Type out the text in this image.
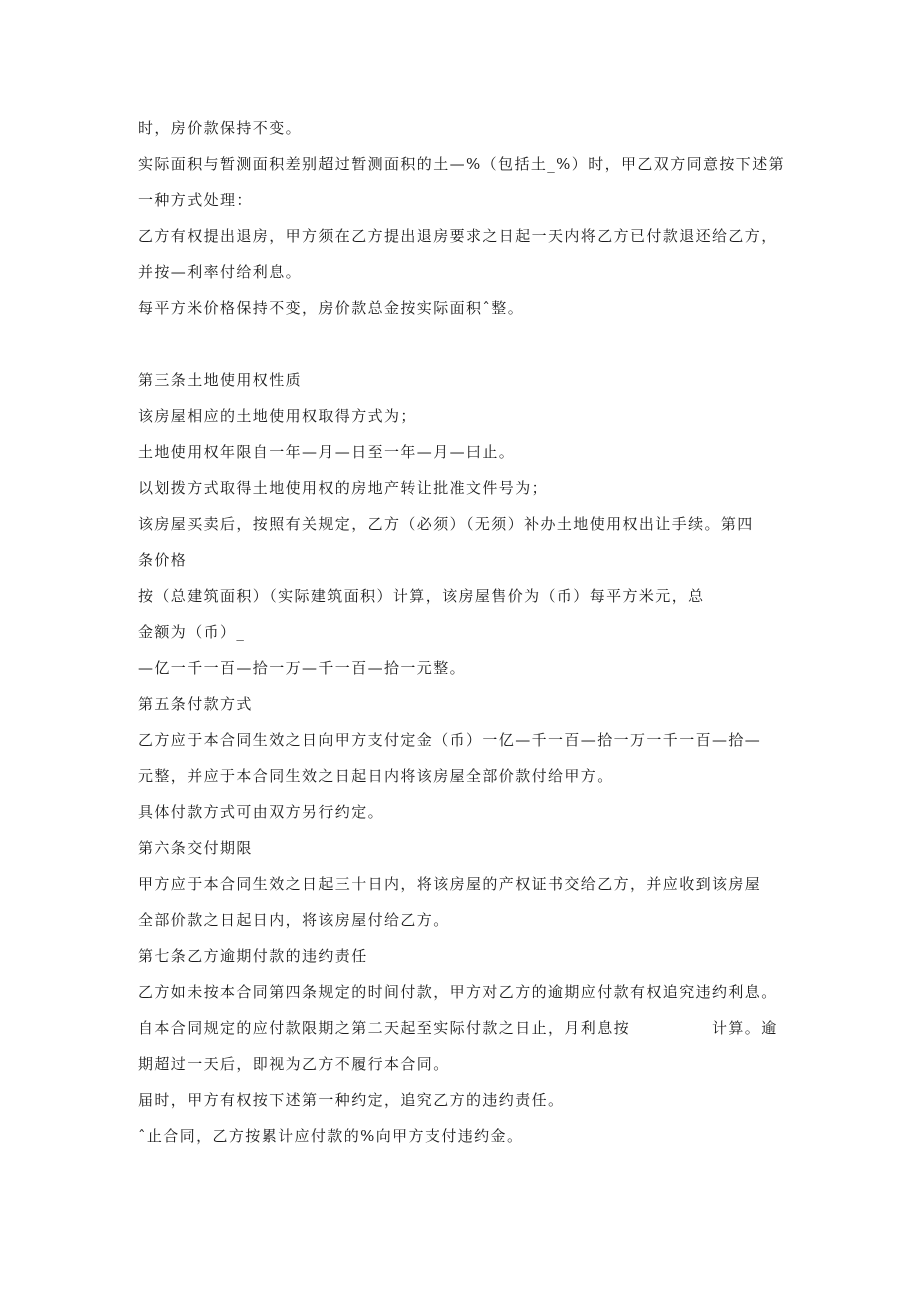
时，房价款保持不变。

实际面积与暂测面积差别超过暂测面积的土—%（包括土_%）时，甲乙双方同意按下述第

一种方式处理：

乙方有权提出退房，甲方须在乙方提出退房要求之日起一天内将乙方已付款退还给乙方，

并按—利率付给利息。

每平方米价格保持不变，房价款总金按实际面积ˆ整。

第三条土地使用权性质

该房屋相应的土地使用权取得方式为；

土地使用权年限自一年—月—日至一年—月—曰止。

以划拨方式取得土地使用权的房地产转让批准文件号为；

该房屋买卖后，按照有关规定，乙方（必须）（无须）补办土地使用权出让手续。第四

条价格

按（总建筑面积）（实际建筑面积）计算，该房屋售价为（币）每平方米元，总

金额为（币）_

—亿一千一百—拾一万—千一百—拾一元整。

第五条付款方式

乙方应于本合同生效之日向甲方支付定金（币）一亿—千一百—拾一万一千一百—拾—

元整，并应于本合同生效之日起日内将该房屋全部价款付给甲方。

具体付款方式可由双方另行约定。

第六条交付期限

甲方应于本合同生效之日起三十日内，将该房屋的产权证书交给乙方，并应收到该房屋

全部价款之日起日内，将该房屋付给乙方。

第七条乙方逾期付款的违约责任

乙方如未按本合同第四条规定的时间付款，甲方对乙方的逾期应付款有权追究违约利息。

自本合同规定的应付款限期之第二天起至实际付款之日止，月利息按　　　　　计算。逾

期超过一天后，即视为乙方不履行本合同。

届时，甲方有权按下述第一种约定，追究乙方的违约责任。

ˆ止合同，乙方按累计应付款的%向甲方支付违约金。
